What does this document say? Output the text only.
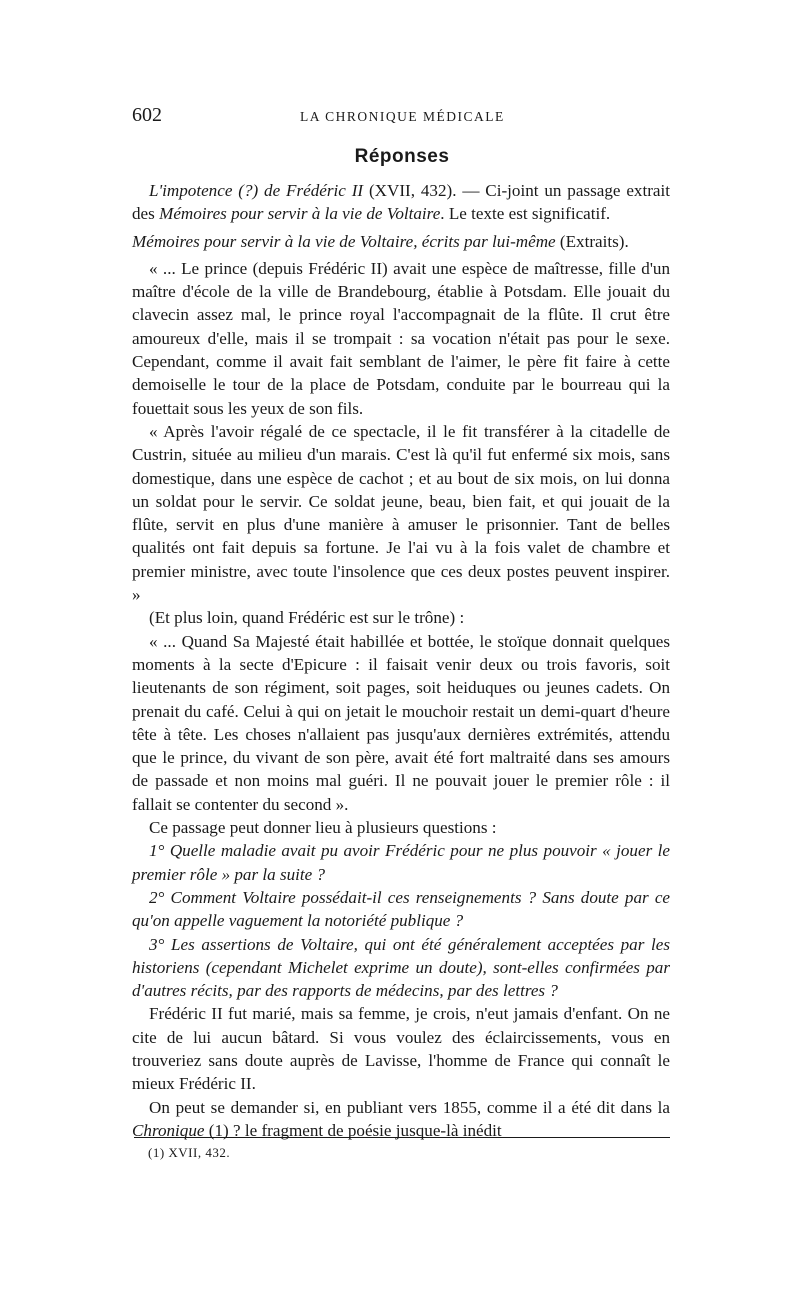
602	LA CHRONIQUE MÉDICALE
Réponses

L'impotence (?) de Frédéric II (XVII, 432). — Ci-joint un passage extrait des Mémoires pour servir à la vie de Voltaire. Le texte est significatif.

Mémoires pour servir à la vie de Voltaire, écrits par lui-même (Extraits).

« ... Le prince (depuis Frédéric II) avait une espèce de maîtresse, fille d'un maître d'école de la ville de Brandebourg, établie à Potsdam. Elle jouait du clavecin assez mal, le prince royal l'accompagnait de la flûte. Il crut être amoureux d'elle, mais il se trompait : sa vocation n'était pas pour le sexe. Cependant, comme il avait fait semblant de l'aimer, le père fit faire à cette demoiselle le tour de la place de Potsdam, conduite par le bourreau qui la fouettait sous les yeux de son fils.

« Après l'avoir régalé de ce spectacle, il le fit transférer à la citadelle de Custrin, située au milieu d'un marais. C'est là qu'il fut enfermé six mois, sans domestique, dans une espèce de cachot ; et au bout de six mois, on lui donna un soldat pour le servir. Ce soldat jeune, beau, bien fait, et qui jouait de la flûte, servit en plus d'une manière à amuser le prisonnier. Tant de belles qualités ont fait depuis sa fortune. Je l'ai vu à la fois valet de chambre et premier ministre, avec toute l'insolence que ces deux postes peuvent inspirer. »

(Et plus loin, quand Frédéric est sur le trône) :

« ... Quand Sa Majesté était habillée et bottée, le stoïque donnait quelques moments à la secte d'Epicure : il faisait venir deux ou trois favoris, soit lieutenants de son régiment, soit pages, soit heiduques ou jeunes cadets. On prenait du café. Celui à qui on jetait le mouchoir restait un demi-quart d'heure tête à tête. Les choses n'allaient pas jusqu'aux dernières extrémités, attendu que le prince, du vivant de son père, avait été fort maltraité dans ses amours de passade et non moins mal guéri. Il ne pouvait jouer le premier rôle : il fallait se contenter du second ».

Ce passage peut donner lieu à plusieurs questions :

1° Quelle maladie avait pu avoir Frédéric pour ne plus pouvoir « jouer le premier rôle » par la suite ?

2° Comment Voltaire possédait-il ces renseignements ? Sans doute par ce qu'on appelle vaguement la notoriété publique ?

3° Les assertions de Voltaire, qui ont été généralement acceptées par les historiens (cependant Michelet exprime un doute), sont-elles confirmées par d'autres récits, par des rapports de médecins, par des lettres ?

Frédéric II fut marié, mais sa femme, je crois, n'eut jamais d'enfant. On ne cite de lui aucun bâtard. Si vous voulez des éclaircissements, vous en trouveriez sans doute auprès de Lavisse, l'homme de France qui connaît le mieux Frédéric II.

On peut se demander si, en publiant vers 1855, comme il a été dit dans la Chronique (1) ? le fragment de poésie jusque-là inédit

(1) XVII, 432.
